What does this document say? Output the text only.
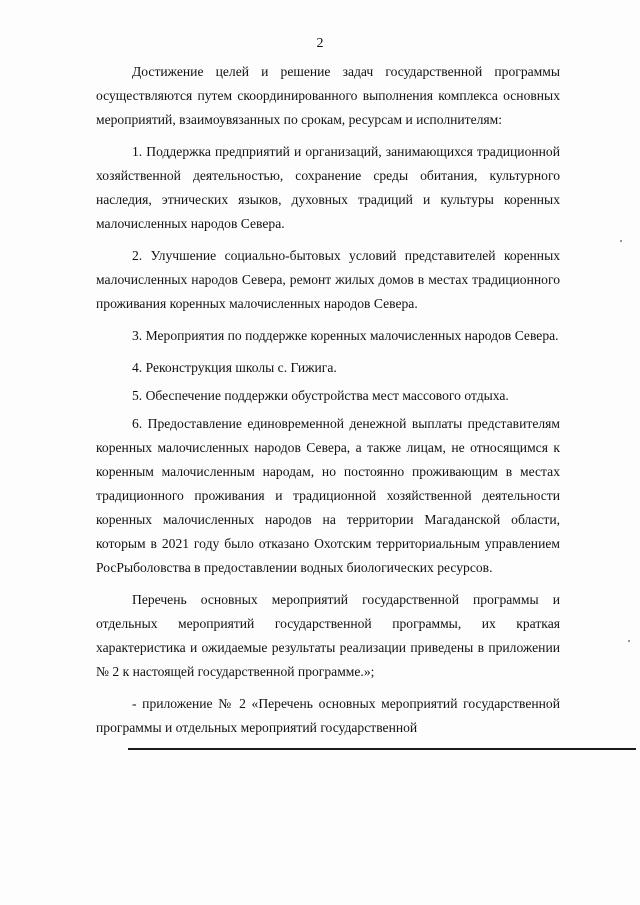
2

Достижение целей и решение задач государственной программы осуществляются путем скоординированного выполнения комплекса основных мероприятий, взаимоувязанных по срокам, ресурсам и исполнителям:

1. Поддержка предприятий и организаций, занимающихся традиционной хозяйственной деятельностью, сохранение среды обитания, культурного наследия, этнических языков, духовных традиций и культуры коренных малочисленных народов Севера.

2. Улучшение социально-бытовых условий представителей коренных малочисленных народов Севера, ремонт жилых домов в местах традиционного проживания коренных малочисленных народов Севера.

3. Мероприятия по поддержке коренных малочисленных народов Севера.

4. Реконструкция школы с. Гижига.

5. Обеспечение поддержки обустройства мест массового отдыха.

6. Предоставление единовременной денежной выплаты представителям коренных малочисленных народов Севера, а также лицам, не относящимся к коренным малочисленным народам, но постоянно проживающим в местах традиционного проживания и традиционной хозяйственной деятельности коренных малочисленных народов на территории Магаданской области, которым в 2021 году было отказано Охотским территориальным управлением РосРыболовства в предоставлении водных биологических ресурсов.

Перечень основных мероприятий государственной программы и отдельных мероприятий государственной программы, их краткая характеристика и ожидаемые результаты реализации приведены в приложении № 2 к настоящей государственной программе.»;

- приложение № 2 «Перечень основных мероприятий государственной программы и отдельных мероприятий государственной
